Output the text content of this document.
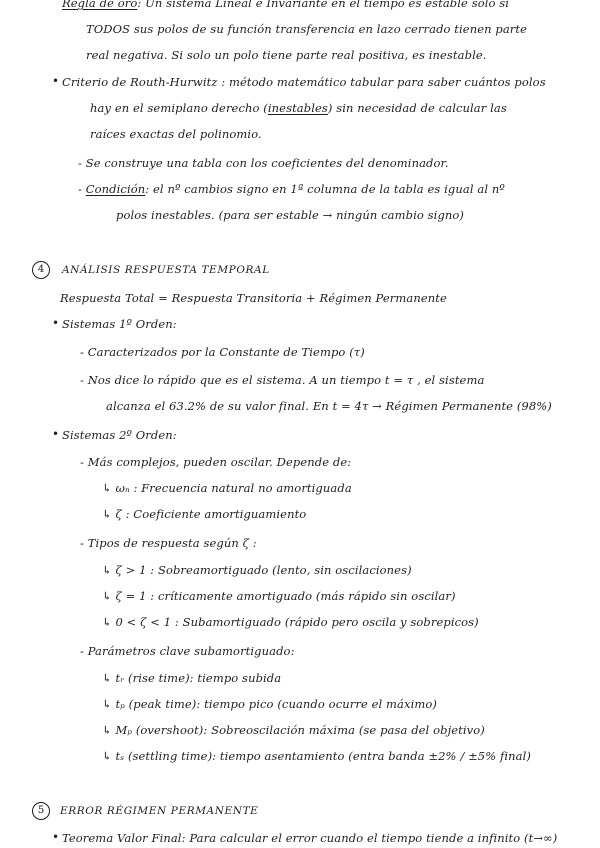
Regla de oro: Un sistema Lineal e Invariante en el tiempo es estable solo si
TODOS sus polos de su función transferencia en lazo cerrado tienen parte
real negativa. Si solo un polo tiene parte real positiva, es inestable.
• Criterio de Routh-Hurwitz : método matemático tabular para saber cuántos polos
hay en el semiplano derecho (inestables) sin necesidad de calcular las
raíces exactas del polinomio.
- Se construye una tabla con los coeficientes del denominador.
- Condición: el nº cambios signo en 1ª columna de la tabla es igual al nº
polos inestables. (para ser estable → ningún cambio signo)
4	ANÁLISIS RESPUESTA TEMPORAL
Respuesta Total = Respuesta Transitoria + Régimen Permanente
• Sistemas 1º Orden:
- Caracterizados por la Constante de Tiempo (τ)
- Nos dice lo rápido que es el sistema. A un tiempo t = τ , el sistema
alcanza el 63.2% de su valor final. En t = 4τ → Régimen Permanente (98%)
• Sistemas 2º Orden:
- Más complejos, pueden oscilar. Depende de:
↳ ωₙ : Frecuencia natural no amortiguada
↳ ζ : Coeficiente amortiguamiento
- Tipos de respuesta según ζ :
↳ ζ > 1 : Sobreamortiguado (lento, sin oscilaciones)
↳ ζ = 1 : críticamente amortiguado (más rápido sin oscilar)
↳ 0 < ζ < 1 : Subamortiguado (rápido pero oscila y sobrepicos)
- Parámetros clave subamortiguado:
↳ tᵣ (rise time): tiempo subida
↳ tₚ (peak time): tiempo pico (cuando ocurre el máximo)
↳ Mₚ (overshoot): Sobreoscilación máxima (se pasa del objetivo)
↳ tₛ (settling time): tiempo asentamiento (entra banda ±2% / ±5% final)
5	ERROR RÉGIMEN PERMANENTE
• Teorema Valor Final: Para calcular el error cuando el tiempo tiende a infinito (t→∞)
